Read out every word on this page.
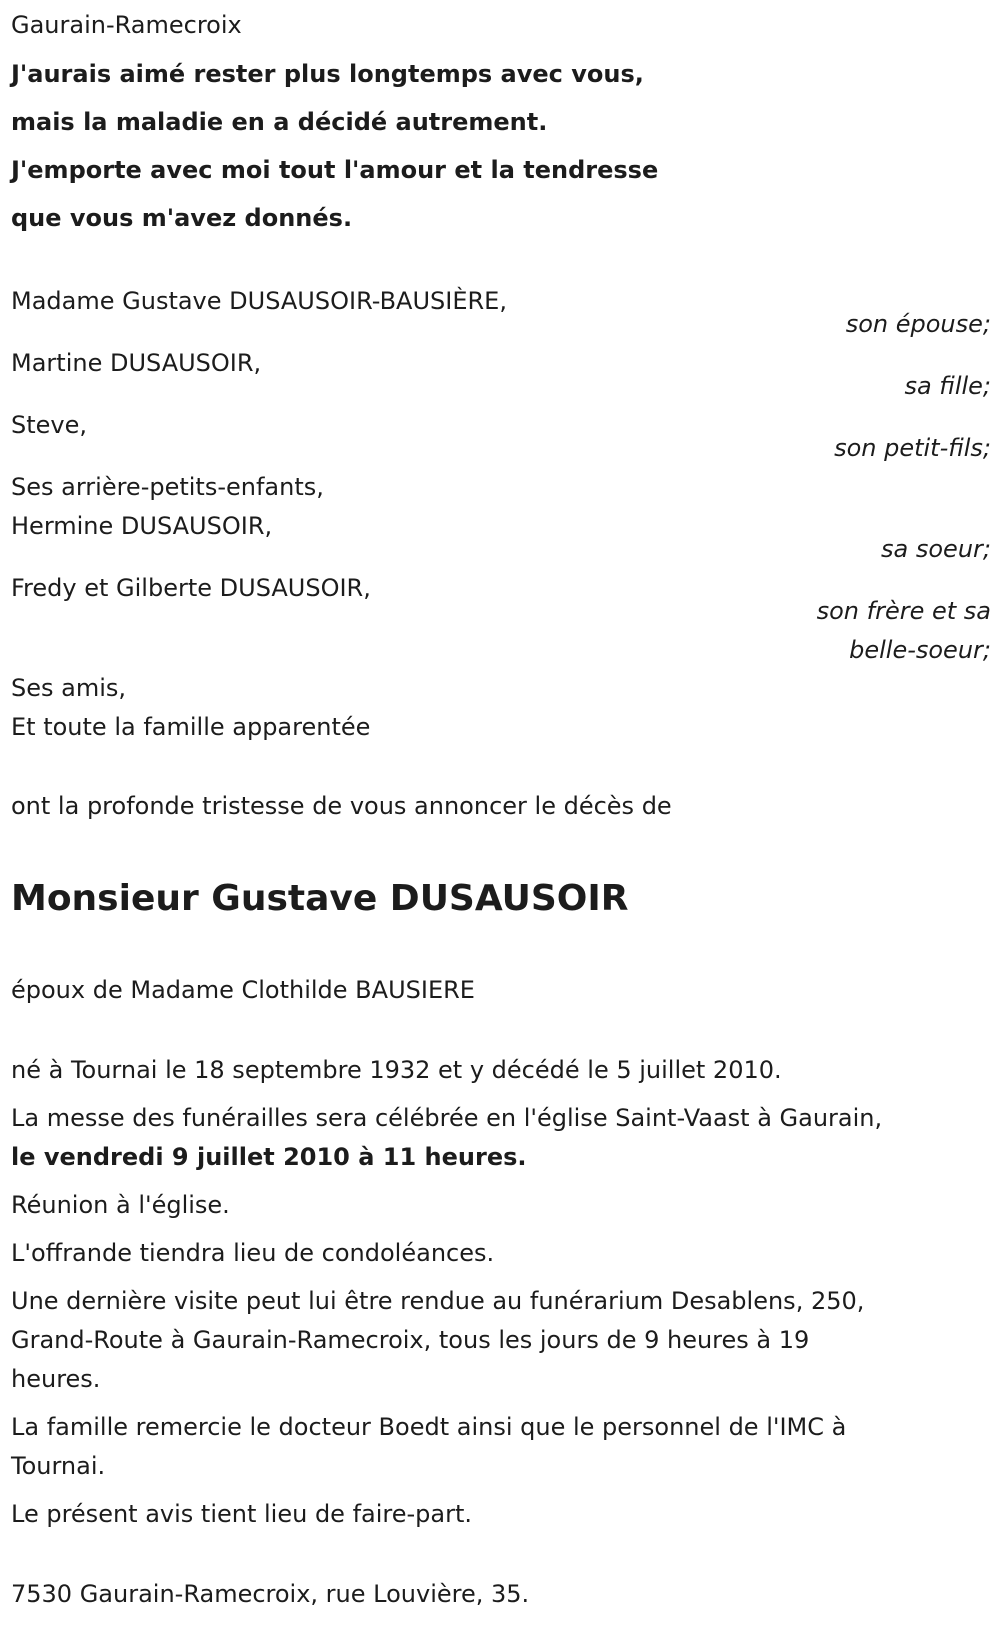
Gaurain-Ramecroix
J'aurais aimé rester plus longtemps avec vous,
mais la maladie en a décidé autrement.
J'emporte avec moi tout l'amour et la tendresse
que vous m'avez donnés.
Madame Gustave DUSAUSOIR-BAUSIÈRE,
son épouse;
Martine DUSAUSOIR,
sa fille;
Steve,
son petit-fils;
Ses arrière-petits-enfants,
Hermine DUSAUSOIR,
sa soeur;
Fredy et Gilberte DUSAUSOIR,
son frère et sa
belle-soeur;
Ses amis,
Et toute la famille apparentée
ont la profonde tristesse de vous annoncer le décès de
Monsieur Gustave DUSAUSOIR
époux de Madame Clothilde BAUSIERE
né à Tournai le 18 septembre 1932 et y décédé le 5 juillet 2010.
La messe des funérailles sera célébrée en l'église Saint-Vaast à Gaurain,
le vendredi 9 juillet 2010 à 11 heures.
Réunion à l'église.
L'offrande tiendra lieu de condoléances.
Une dernière visite peut lui être rendue au funérarium Desablens, 250,
Grand-Route à Gaurain-Ramecroix, tous les jours de 9 heures à 19
heures.
La famille remercie le docteur Boedt ainsi que le personnel de l'IMC à
Tournai.
Le présent avis tient lieu de faire-part.
7530 Gaurain-Ramecroix, rue Louvière, 35.
